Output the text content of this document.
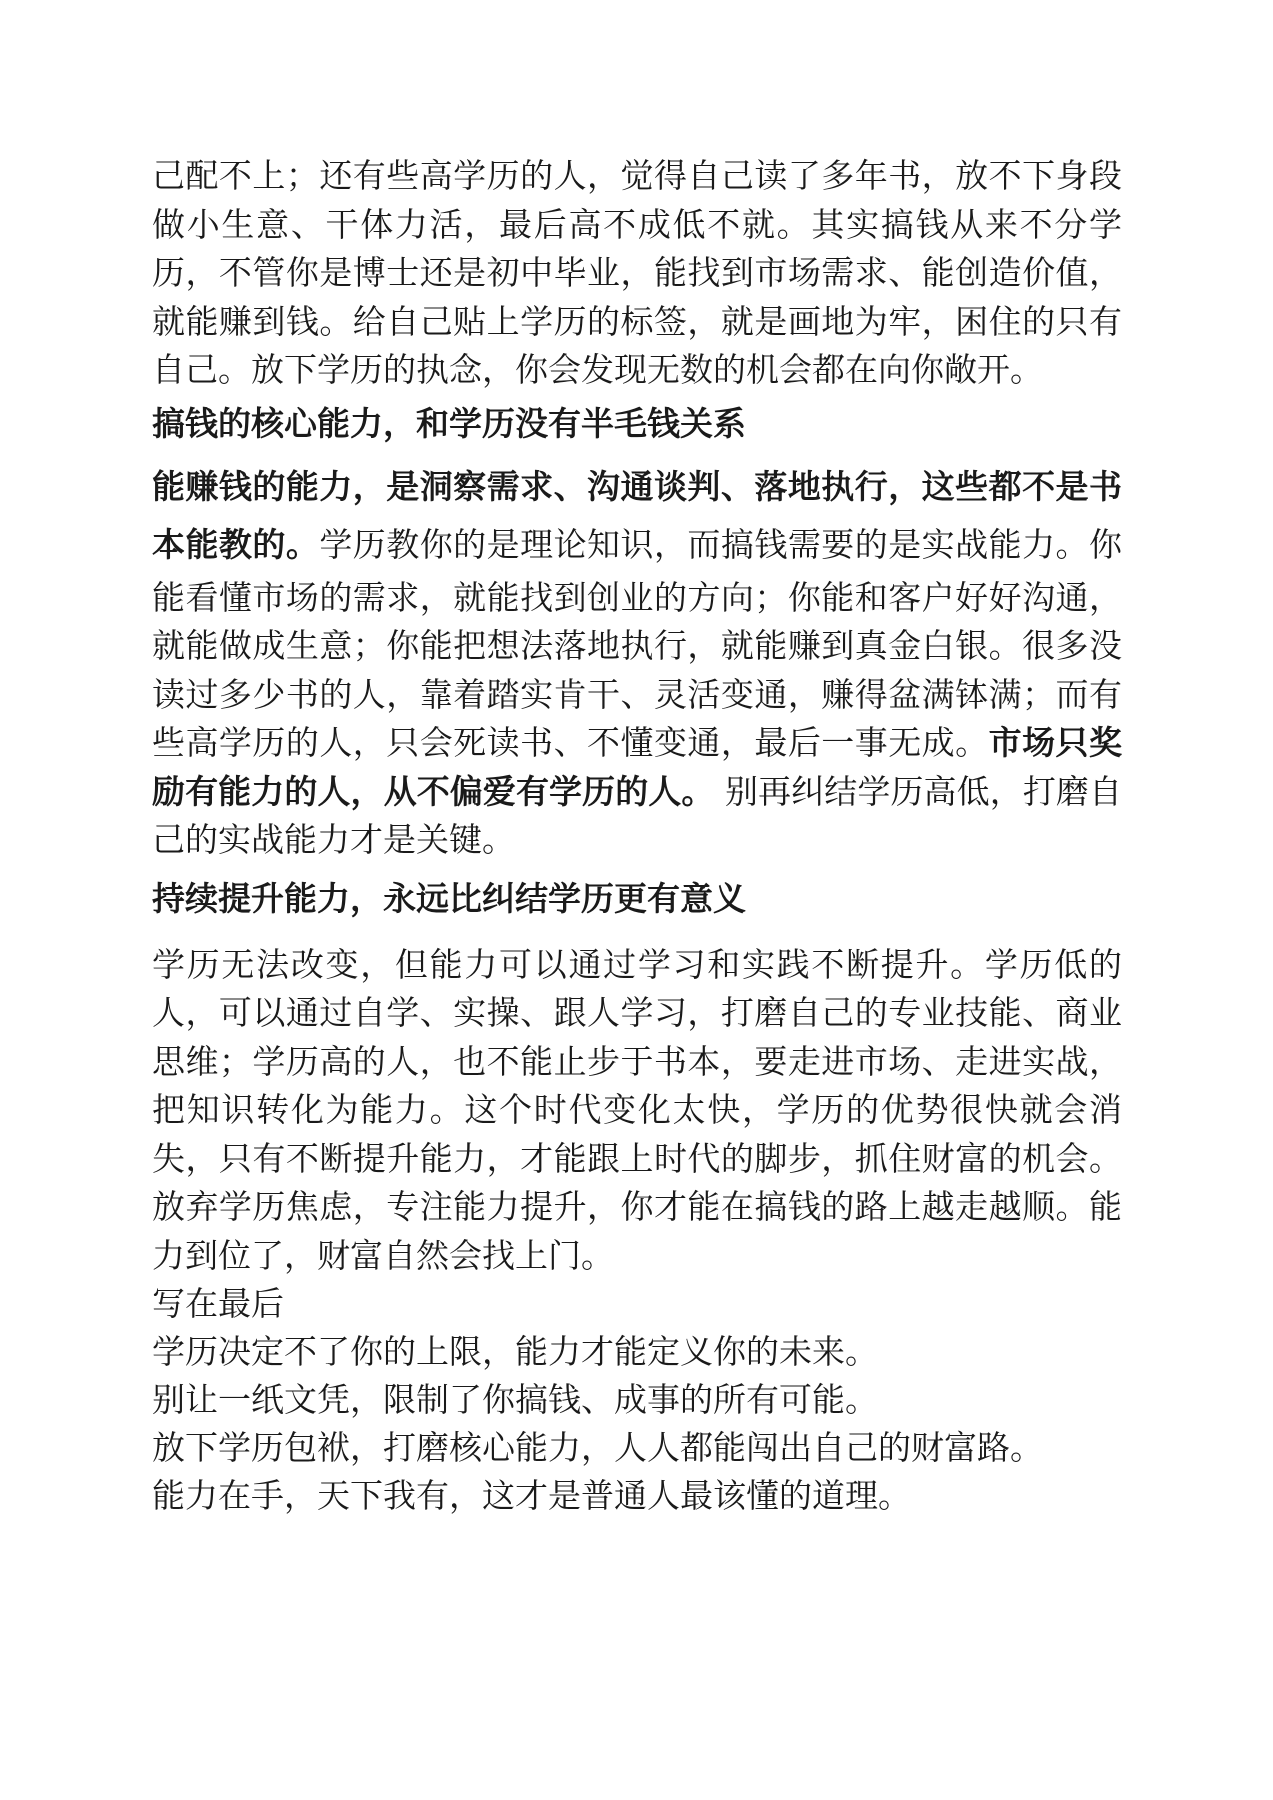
己配不上；还有些高学历的人，觉得自己读了多年书，放不下身段做小生意、干体力活，最后高不成低不就。其实搞钱从来不分学历，不管你是博士还是初中毕业，能找到市场需求、能创造价值，就能赚到钱。给自己贴上学历的标签，就是画地为牢，困住的只有自己。放下学历的执念，你会发现无数的机会都在向你敞开。

搞钱的核心能力，和学历没有半毛钱关系

能赚钱的能力，是洞察需求、沟通谈判、落地执行，这些都不是书本能教的。学历教你的是理论知识，而搞钱需要的是实战能力。你能看懂市场的需求，就能找到创业的方向；你能和客户好好沟通，就能做成生意；你能把想法落地执行，就能赚到真金白银。很多没读过多少书的人，靠着踏实肯干、灵活变通，赚得盆满钵满；而有些高学历的人，只会死读书、不懂变通，最后一事无成。市场只奖励有能力的人，从不偏爱有学历的人。 别再纠结学历高低，打磨自己的实战能力才是关键。

持续提升能力，永远比纠结学历更有意义

学历无法改变，但能力可以通过学习和实践不断提升。学历低的人，可以通过自学、实操、跟人学习，打磨自己的专业技能、商业思维；学历高的人，也不能止步于书本，要走进市场、走进实战，把知识转化为能力。这个时代变化太快，学历的优势很快就会消失，只有不断提升能力，才能跟上时代的脚步，抓住财富的机会。放弃学历焦虑，专注能力提升，你才能在搞钱的路上越走越顺。能力到位了，财富自然会找上门。

写在最后

学历决定不了你的上限，能力才能定义你的未来。

别让一纸文凭，限制了你搞钱、成事的所有可能。

放下学历包袱，打磨核心能力，人人都能闯出自己的财富路。

能力在手，天下我有，这才是普通人最该懂的道理。
